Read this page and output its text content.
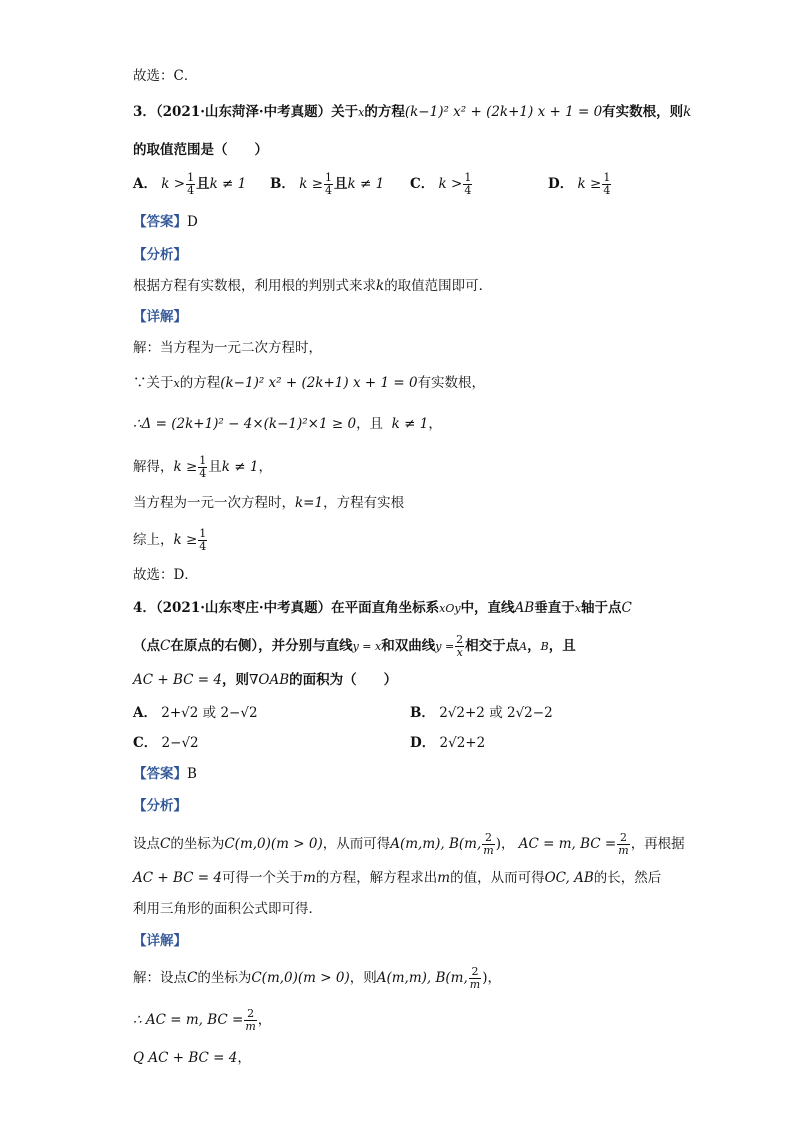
故选：C．
3．（2021·山东菏泽·中考真题）关于x的方程(k−1)² x² + (2k+1) x + 1 = 0有实数根，则k
的取值范围是（　　）
A． $k > \frac{1}{4}$ 且k ≠ 1 B． $k \ge \frac{1}{4}$ 且k ≠ 1 C． $k > \frac{1}{4}$	D． $k \ge \frac{1}{4}$
【答案】D
【分析】
根据方程有实数根，利用根的判别式来求k的取值范围即可．
【详解】
解：当方程为一元二次方程时，
∵关于x的方程(k−1)² x² + (2k+1) x + 1 = 0有实数根，
∴Δ = (2k+1)² − 4×(k−1)²×1 ≥ 0，且 k ≠ 1，
解得，$k \ge \frac{1}{4}$ 且k ≠ 1，
当方程为一元一次方程时，k=1，方程有实根
综上，$k \ge \frac{1}{4}$
故选：D．
4．（2021·山东枣庄·中考真题）在平面直角坐标系xOy中，直线AB垂直于x轴于点C
（点C在原点的右侧），并分别与直线y = x和双曲线$y = \frac{2}{x}$ 相交于点A，B，且
AC + BC = 4，则∇OAB的面积为（　　）
A． 2+√2 或 2−√2	B． 2√2+2 或 2√2−2
C． 2−√2	D． 2√2+2
【答案】B
【分析】
设点C的坐标为C(m,0)(m > 0)，从而可得A(m,m), B(m, $\frac{2}{m}$ )， AC = m, BC = $\frac{2}{m}$ ，再根据
AC + BC = 4可得一个关于m的方程，解方程求出m的值，从而可得OC, AB的长，然后
利用三角形的面积公式即可得．
【详解】
解：设点C的坐标为C(m,0)(m > 0)，则A(m,m), B(m, $\frac{2}{m}$ )，
∴ AC = m, BC = $\frac{2}{m}$ ，
Q AC + BC = 4，
